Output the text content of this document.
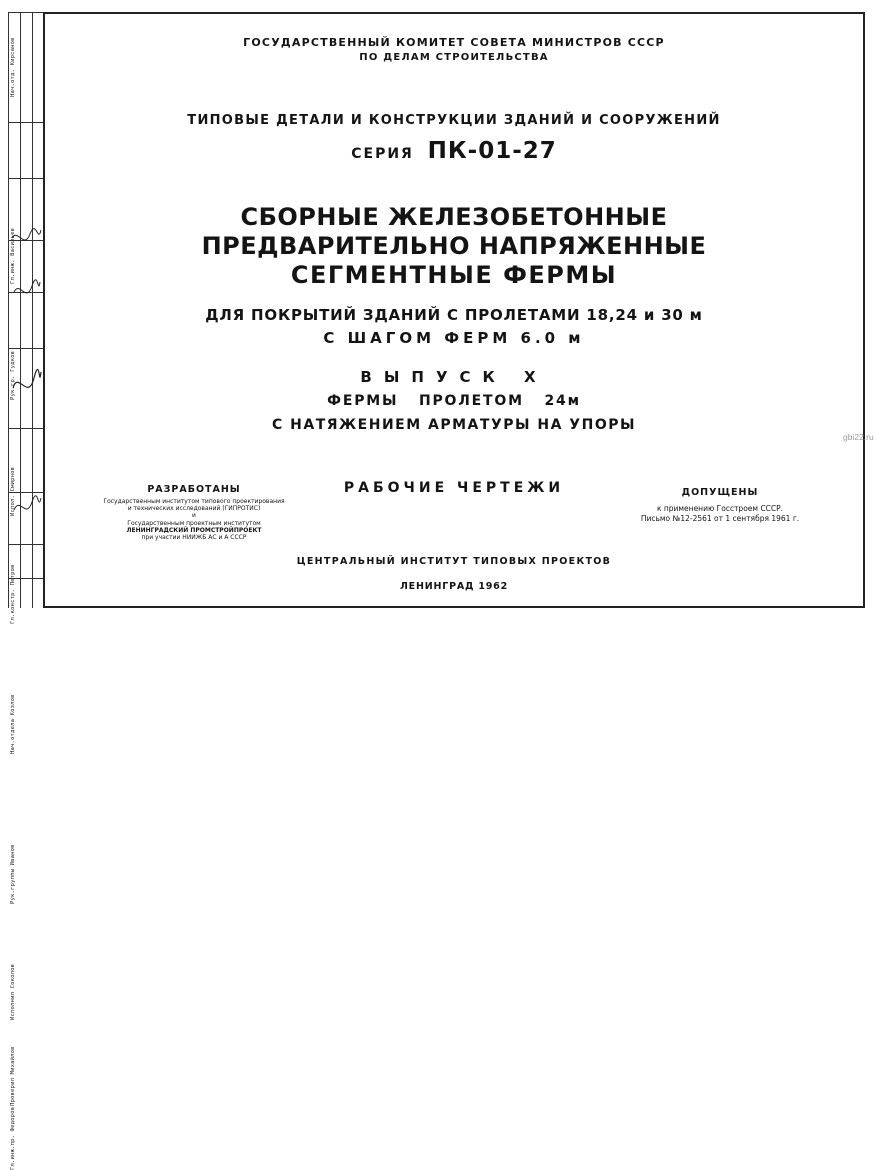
Нач.отд. Кирсанов
Гл.инж. Васильев
Рук.гр. Гудков
Испол. Смирнов
Гл.констр. Петров
Нач.отдела Козлов
Рук.группы Иванов
Исполнил Соколов
Проверил Михайлов
Гл.инж.пр. Федоров
ГОСУДАРСТВЕННЫЙ КОМИТЕТ СОВЕТА МИНИСТРОВ СССР
ПО ДЕЛАМ СТРОИТЕЛЬСТВА
ТИПОВЫЕ ДЕТАЛИ И КОНСТРУКЦИИ ЗДАНИЙ И СООРУЖЕНИЙ
СЕРИЯ ПК-01-27
СБОРНЫЕ ЖЕЛЕЗОБЕТОННЫЕ
ПРЕДВАРИТЕЛЬНО НАПРЯЖЕННЫЕ
СЕГМЕНТНЫЕ ФЕРМЫ
ДЛЯ ПОКРЫТИЙ ЗДАНИЙ С ПРОЛЕТАМИ 18,24 и 30 м
С ШАГОМ ФЕРМ 6.0 м
ВЫПУСК X
ФЕРМЫ ПРОЛЕТОМ 24м
С НАТЯЖЕНИЕМ АРМАТУРЫ НА УПОРЫ
РАБОЧИЕ ЧЕРТЕЖИ
РАЗРАБОТАНЫ
Государственным институтом типового проектирования
и технических исследований (ГИПРОТИС)
и
Государственным проектным институтом
ЛЕНИНГРАДСКИЙ ПРОМСТРОЙПРОЕКТ
при участии НИИЖБ АС и А СССР
ДОПУЩЕНЫ
к применению Госстроем СССР.
Письмо №12-2561 от 1 сентября 1961 г.
ЦЕНТРАЛЬНЫЙ ИНСТИТУТ ТИПОВЫХ ПРОЕКТОВ
ЛЕНИНГРАД 1962
gbi22.ru
